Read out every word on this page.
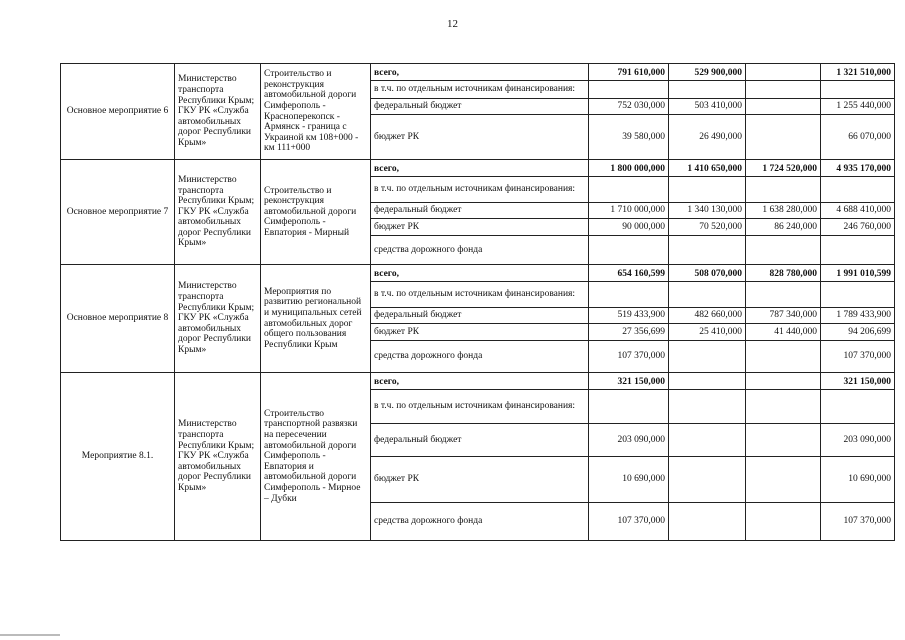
12
Основное мероприятие 6	Министерство транспорта Республики Крым; ГКУ РК «Служба автомобильных дорог Республики Крым»	Строительство и реконструкция автомобильной дороги Симферополь - Красноперекопск - Армянск - граница с Украиной км 108+000 - км 111+000	всего,	791 610,000	529 900,000		1 321 510,000
			в т.ч. по отдельным источникам финансирования:				
			федеральный бюджет	752 030,000	503 410,000		1 255 440,000
			бюджет РК	39 580,000	26 490,000		66 070,000
Основное мероприятие 7	Министерство транспорта Республики Крым; ГКУ РК «Служба автомобильных дорог Республики Крым»	Строительство и реконструкция автомобильной дороги Симферополь - Евпатория - Мирный	всего,	1 800 000,000	1 410 650,000	1 724 520,000	4 935 170,000
			в т.ч. по отдельным источникам финансирования:				
			федеральный бюджет	1 710 000,000	1 340 130,000	1 638 280,000	4 688 410,000
			бюджет РК	90 000,000	70 520,000	86 240,000	246 760,000
			средства дорожного фонда				
Основное мероприятие 8	Министерство транспорта Республики Крым; ГКУ РК «Служба автомобильных дорог Республики Крым»	Мероприятия по развитию региональной и муниципальных сетей автомобильных дорог общего пользования Республики Крым	всего,	654 160,599	508 070,000	828 780,000	1 991 010,599
			в т.ч. по отдельным источникам финансирования:				
			федеральный бюджет	519 433,900	482 660,000	787 340,000	1 789 433,900
			бюджет РК	27 356,699	25 410,000	41 440,000	94 206,699
			средства дорожного фонда	107 370,000			107 370,000
Мероприятие 8.1.	Министерство транспорта Республики Крым; ГКУ РК «Служба автомобильных дорог Республики Крым»	Строительство транспортной развязки на пересечении автомобильной дороги Симферополь - Евпатория и автомобильной дороги Симферополь - Мирное – Дубки	всего,	321 150,000			321 150,000
			в т.ч. по отдельным источникам финансирования:				
			федеральный бюджет	203 090,000			203 090,000
			бюджет РК	10 690,000			10 690,000
			средства дорожного фонда	107 370,000			107 370,000
